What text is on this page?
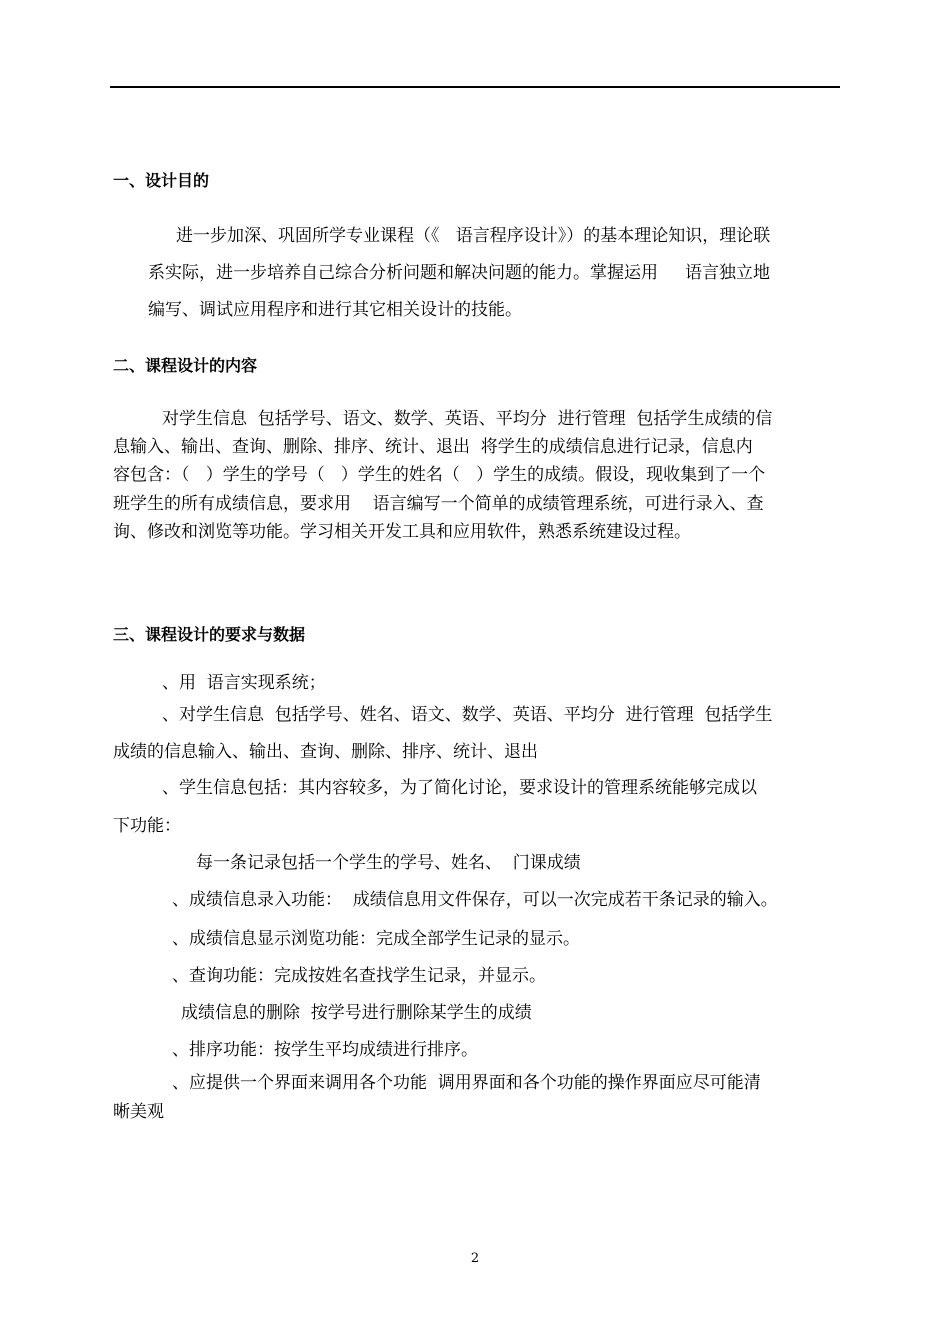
一、设计目的
进一步加深、巩固所学专业课程（《   语言程序设计》）的基本理论知识，理论联
系实际，进一步培养自己综合分析问题和解决问题的能力。掌握运用     语言独立地
编写、调试应用程序和进行其它相关设计的技能。
二、课程设计的内容
对学生信息  包括学号、语文、数学、英语、平均分  进行管理  包括学生成绩的信
息输入、输出、查询、删除、排序、统计、退出  将学生的成绩信息进行记录，信息内
容包含：（   ）学生的学号（   ）学生的姓名（   ）学生的成绩。假设，现收集到了一个
班学生的所有成绩信息，要求用    语言编写一个简单的成绩管理系统，可进行录入、查
询、修改和浏览等功能。学习相关开发工具和应用软件，熟悉系统建设过程。
三、课程设计的要求与数据
、用  语言实现系统；
、对学生信息  包括学号、姓名、语文、数学、英语、平均分  进行管理  包括学生
成绩的信息输入、输出、查询、删除、排序、统计、退出
、学生信息包括：其内容较多，为了简化讨论，要求设计的管理系统能够完成以
下功能：
每一条记录包括一个学生的学号、姓名、  门课成绩
、成绩信息录入功能：  成绩信息用文件保存，可以一次完成若干条记录的输入。
、成绩信息显示浏览功能：完成全部学生记录的显示。
、查询功能：完成按姓名查找学生记录，并显示。
成绩信息的删除  按学号进行删除某学生的成绩
、排序功能：按学生平均成绩进行排序。
、应提供一个界面来调用各个功能  调用界面和各个功能的操作界面应尽可能清
晰美观
2
